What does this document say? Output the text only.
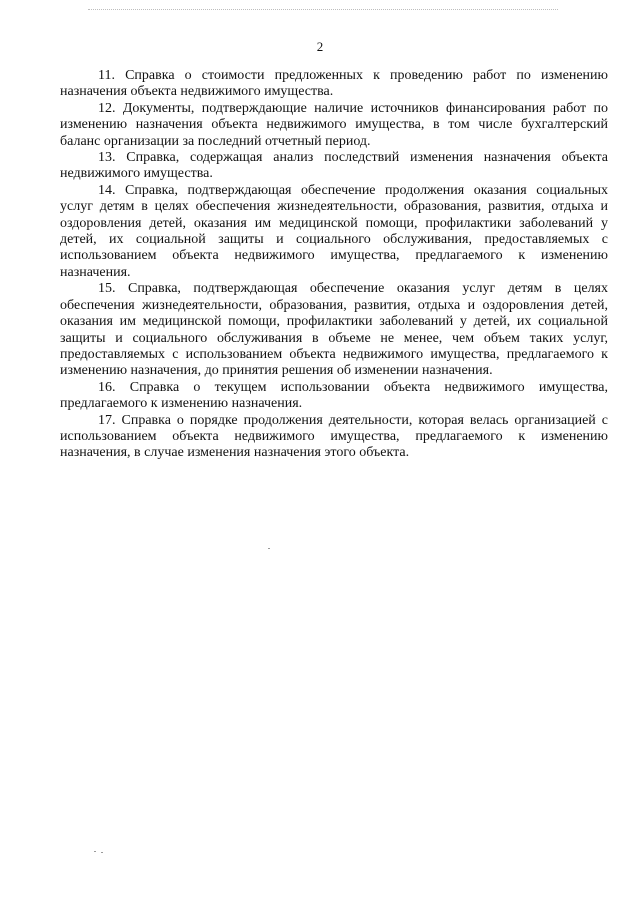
2

11. Справка о стоимости предложенных к проведению работ по изменению назначения объекта недвижимого имущества.

12. Документы, подтверждающие наличие источников финансирования работ по изменению назначения объекта недвижимого имущества, в том числе бухгалтерский баланс организации за последний отчетный период.

13. Справка, содержащая анализ последствий изменения назначения объекта недвижимого имущества.

14. Справка, подтверждающая обеспечение продолжения оказания социальных услуг детям в целях обеспечения жизнедеятельности, образования, развития, отдыха и оздоровления детей, оказания им медицинской помощи, профилактики заболеваний у детей, их социальной защиты и социального обслуживания, предоставляемых с использованием объекта недвижимого имущества, предлагаемого к изменению назначения.

15. Справка, подтверждающая обеспечение оказания услуг детям в целях обеспечения жизнедеятельности, образования, развития, отдыха и оздоровления детей, оказания им медицинской помощи, профилактики заболеваний у детей, их социальной защиты и социального обслуживания в объеме не менее, чем объем таких услуг, предоставляемых с использованием объекта недвижимого имущества, предлагаемого к изменению назначения, до принятия решения об изменении назначения.

16. Справка о текущем использовании объекта недвижимого имущества, предлагаемого к изменению назначения.

17. Справка о порядке продолжения деятельности, которая велась организацией с использованием объекта недвижимого имущества, предлагаемого к изменению назначения, в случае изменения назначения этого объекта.
